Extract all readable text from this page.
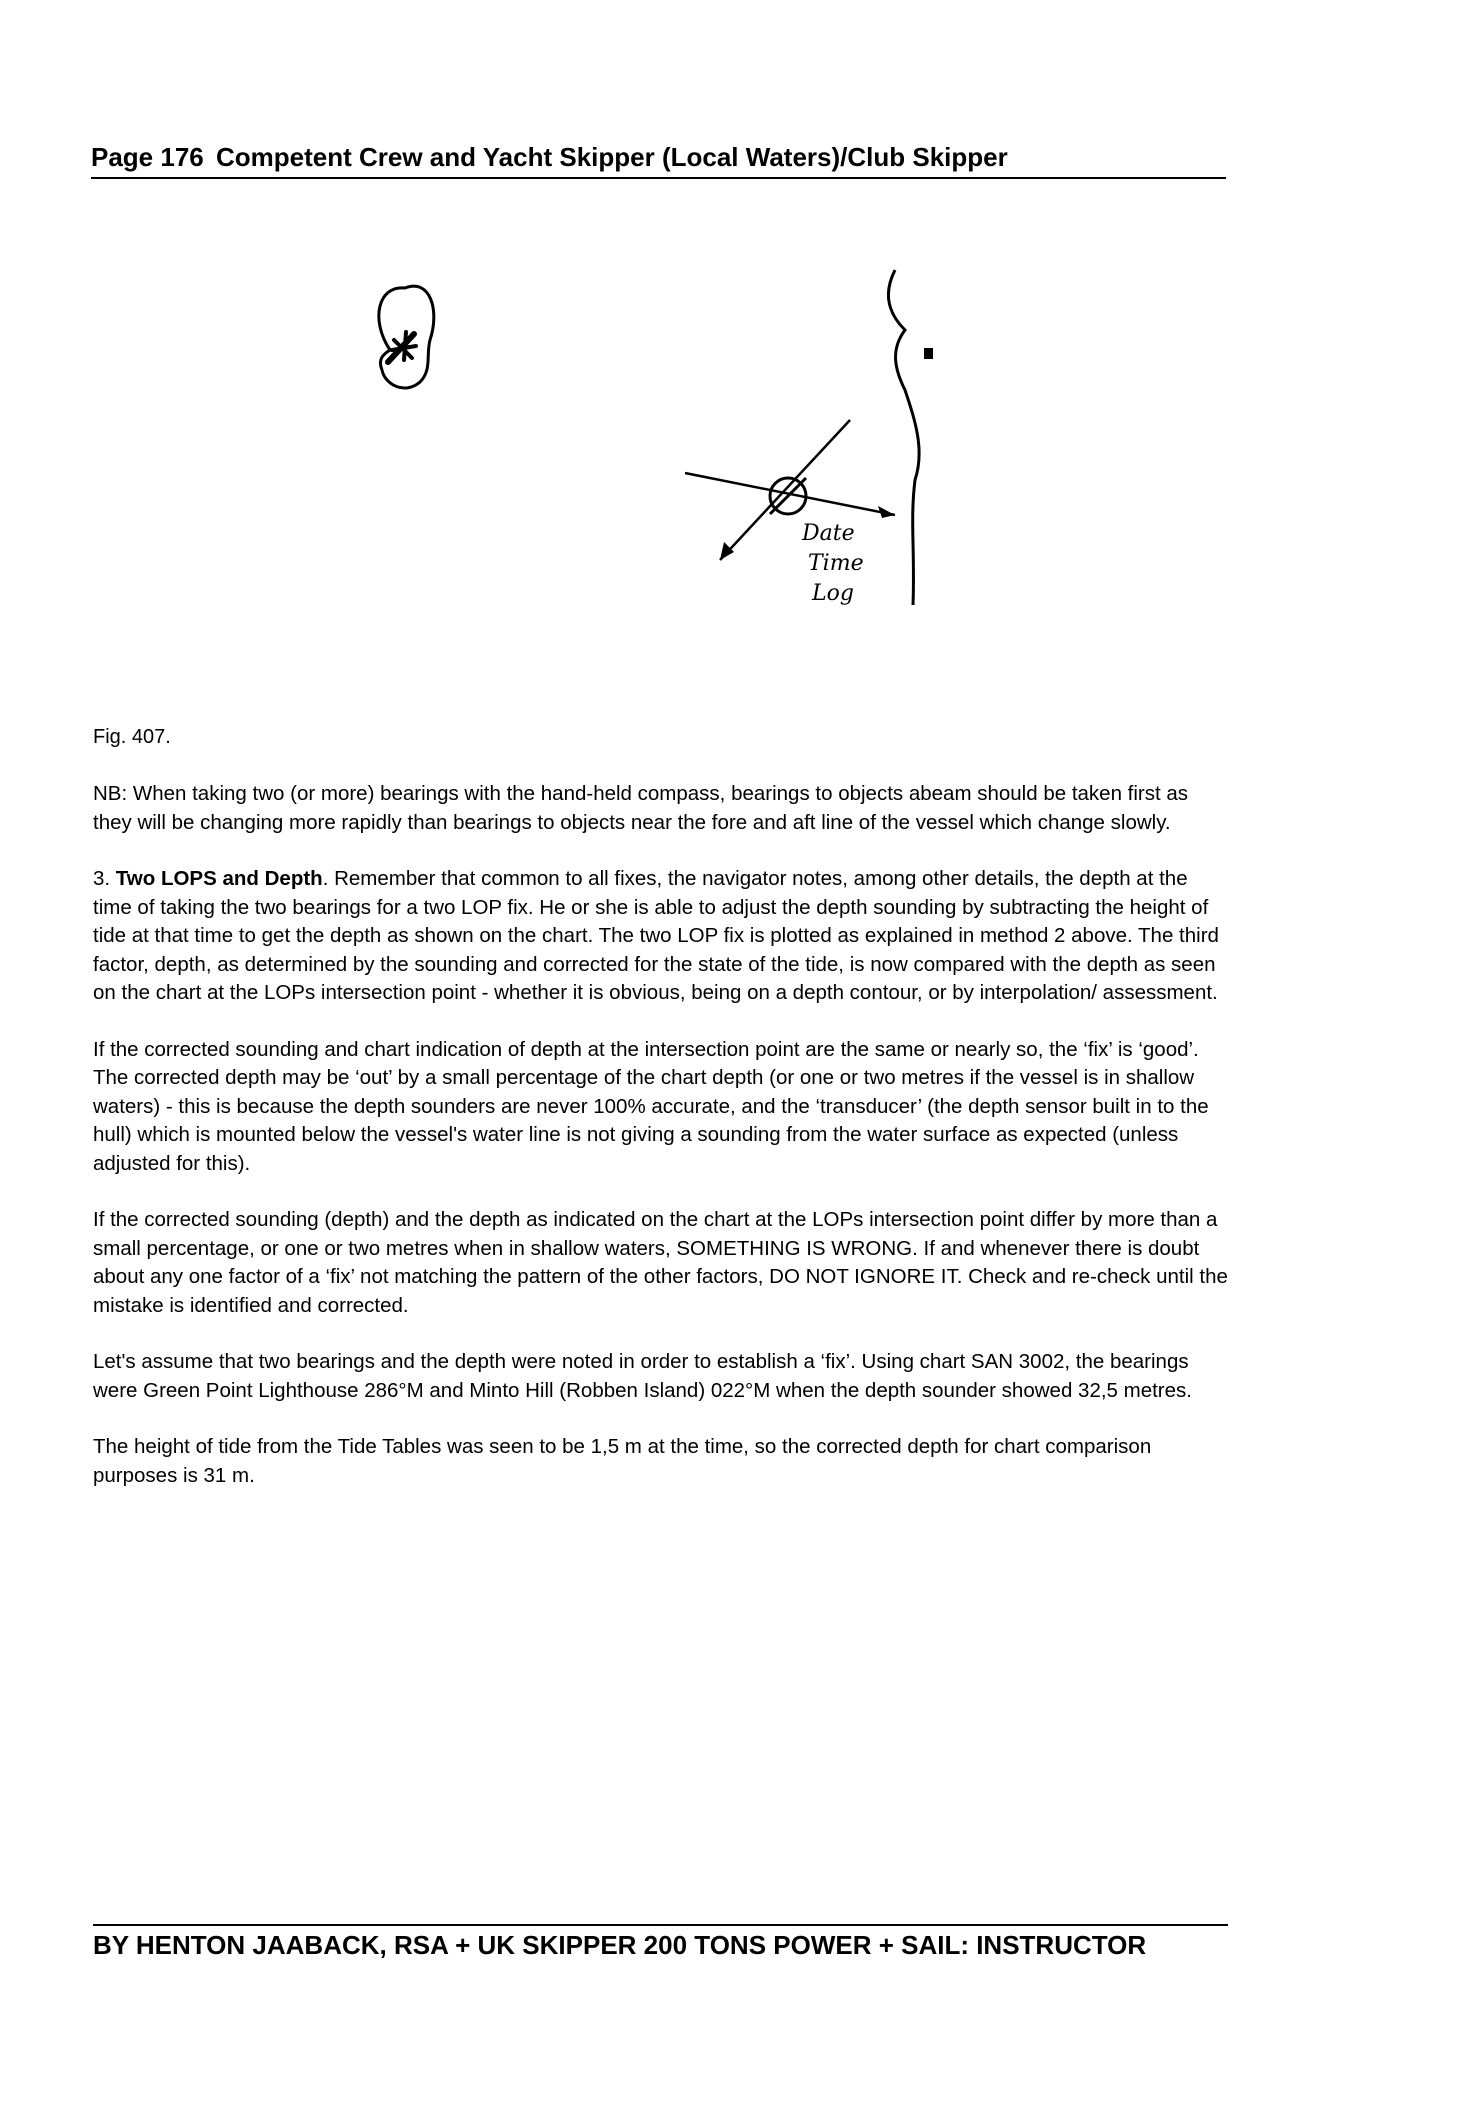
Page 176 Competent Crew and Yacht Skipper (Local Waters)/Club Skipper
Date
Time
Log
Fig. 407.

NB: When taking two (or more) bearings with the hand-held compass, bearings to objects abeam should be taken first as they will be changing more rapidly than bearings to objects near the fore and aft line of the vessel which change slowly.

3. Two LOPS and Depth. Remember that common to all fixes, the navigator notes, among other details, the depth at the time of taking the two bearings for a two LOP fix. He or she is able to adjust the depth sounding by subtracting the height of tide at that time to get the depth as shown on the chart. The two LOP fix is plotted as explained in method 2 above. The third factor, depth, as determined by the sounding and corrected for the state of the tide, is now compared with the depth as seen on the chart at the LOPs intersection point - whether it is obvious, being on a depth contour, or by interpolation/ assessment.

If the corrected sounding and chart indication of depth at the intersection point are the same or nearly so, the ‘fix’ is ‘good’. The corrected depth may be ‘out’ by a small percentage of the chart depth (or one or two metres if the vessel is in shallow waters) - this is because the depth sounders are never 100% accurate, and the ‘transducer’ (the depth sensor built in to the hull) which is mounted below the vessel's water line is not giving a sounding from the water surface as expected (unless adjusted for this).

If the corrected sounding (depth) and the depth as indicated on the chart at the LOPs intersection point differ by more than a small percentage, or one or two metres when in shallow waters, SOMETHING IS WRONG. If and whenever there is doubt about any one factor of a ‘fix’ not matching the pattern of the other factors, DO NOT IGNORE IT. Check and re-check until the mistake is identified and corrected.

Let's assume that two bearings and the depth were noted in order to establish a ‘fix’. Using chart SAN 3002, the bearings were Green Point Lighthouse 286°M and Minto Hill (Robben Island) 022°M when the depth sounder showed 32,5 metres.

The height of tide from the Tide Tables was seen to be 1,5 m at the time, so the corrected depth for chart comparison purposes is 31 m.

BY HENTON JAABACK, RSA + UK SKIPPER 200 TONS POWER + SAIL: INSTRUCTOR
